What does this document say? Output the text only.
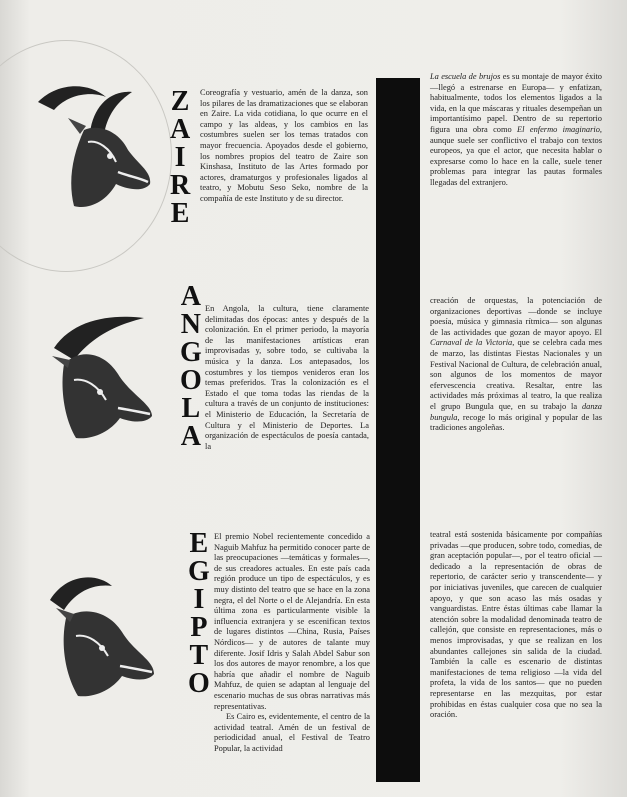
Z
A
I
R
E

Coreografía y vestuario, amén de la danza, son los pilares de las dramatizaciones que se elaboran en Zaire. La vida cotidiana, lo que ocurre en el campo y las aldeas, y los cambios en las costumbres suelen ser los temas tratados con mayor frecuencia. Apoyados desde el gobierno, los nombres propios del teatro de Zaire son Kinshasa, Instituto de las Artes formado por actores, dramaturgos y profesionales ligados al teatro, y Mobutu Seso Seko, nombre de la compañía de este Instituto y de su director.

La escuela de brujos es su montaje de mayor éxito —llegó a estrenarse en Europa— y enfatizan, habitualmente, todos los elementos ligados a la vida, en la que máscaras y rituales desempeñan un importantísimo papel. Dentro de su repertorio figura una obra como El enfermo imaginario, aunque suele ser conflictivo el trabajo con textos europeos, ya que el actor, que necesita hablar o expresarse como lo hace en la calle, suele tener problemas para integrar las pautas formales llegadas del extranjero.

A
N
G
O
L
A

En Angola, la cultura, tiene claramente delimitadas dos épocas: antes y después de la colonización. En el primer periodo, la mayoría de las manifestaciones artísticas eran improvisadas y, sobre todo, se cultivaba la música y la danza. Los antepasados, los costumbres y los tiempos venideros eran los temas preferidos. Tras la colonización es el Estado el que toma todas las riendas de la cultura a través de un conjunto de instituciones: el Ministerio de Educación, la Secretaría de Cultura y el Ministerio de Deportes. La organización de espectáculos de poesía cantada, la

creación de orquestas, la potenciación de organizaciones deportivas —donde se incluye poesía, música y gimnasia rítmica— son algunas de las actividades que gozan de mayor apoyo. El Carnaval de la Victoria, que se celebra cada mes de marzo, las distintas Fiestas Nacionales y un Festival Nacional de Cultura, de celebración anual, son algunos de los momentos de mayor efervescencia creativa. Resaltar, entre las actividades más próximas al teatro, la que realiza el grupo Bungula que, en su trabajo la danza bungula, recoge lo más original y popular de las tradiciones angoleñas.

E
G
I
P
T
O

El premio Nobel recientemente concedido a Naguib Mahfuz ha permitido conocer parte de las preocupaciones —temáticas y formales—, de sus creadores actuales. En este país cada región produce un tipo de espectáculos, y es muy distinto del teatro que se hace en la zona negra, el del Norte o el de Alejandría. En esta última zona es particularmente visible la influencia extranjera y se escenifican textos de lugares distintos —China, Rusia, Países Nórdicos— y de autores de talante muy diferente. Josif Idris y Salah Abdel Sabur son los dos autores de mayor renombre, a los que habría que añadir el nombre de Naguib Mahfuz, de quien se adaptan al lenguaje del escenario muchas de sus obras narrativas más representativas.

Es Cairo es, evidentemente, el centro de la actividad teatral. Amén de un festival de periodicidad anual, el Festival de Teatro Popular, la actividad

teatral está sostenida básicamente por compañías privadas —que producen, sobre todo, comedias, de gran aceptación popular—, por el teatro oficial —dedicado a la representación de obras de repertorio, de carácter serio y transcendente— y por iniciativas juveniles, que carecen de cualquier apoyo, y que son acaso las más osadas y vanguardistas. Entre éstas últimas cabe llamar la atención sobre la modalidad denominada teatro de callejón, que consiste en representaciones, más o menos improvisadas, y que se realizan en los abundantes callejones sin salida de la ciudad. También la calle es escenario de distintas manifestaciones de tema religioso —la vida del profeta, la vida de los santos— que no pueden representarse en las mezquitas, por estar prohibidas en éstas cualquier cosa que no sea la oración.
